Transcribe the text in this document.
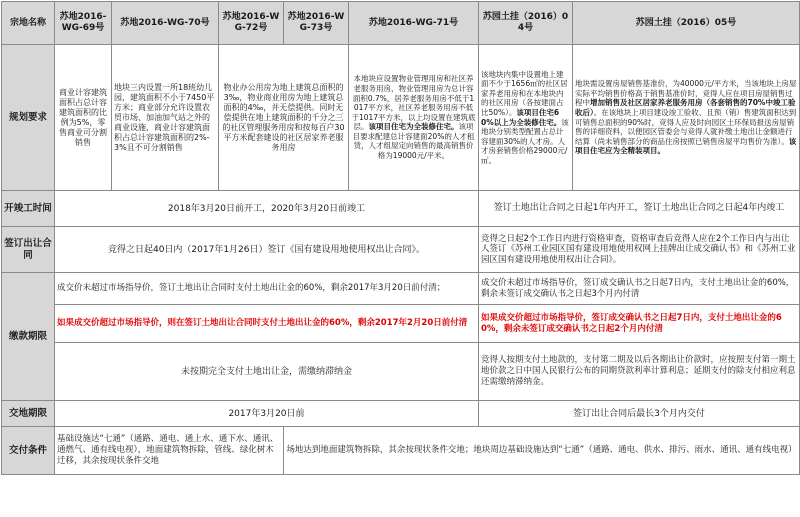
宗地名称	苏地2016-WG-69号	苏地2016-WG-70号	苏地2016-WG-72号	苏地2016-WG-73号	苏地2016-WG-71号	苏园土挂（2016）04号	苏园土挂（2016）05号
规划要求	商业计容建筑面积占总计容建筑面积的比例为5%，零售商业可分割销售	地块三内设置一所18班幼儿园，建筑面积不小于7450平方米；商业部分允许设置农贸市场、加油加气站之外的商业设施，商业计容建筑面积占总计容建筑面积的2%-3%且不可分割销售	物业办公用房为地上建筑总面积的3‰，物业商业用房为地上建筑总面积的4‰，并无偿提供。同时无偿提供在地上建筑面积的千分之三的社区管理服务用房和按每百户30平方米配套建设的社区居家养老服务用房		本地块应设置物业管理用房和社区养老服务用房，物业管理用房为总计容面积0.7%，居养老服务用房不低于1017平方米，社区养老服务用房不低于1017平方米，以上均设置在建筑底层。该项目住宅为全装修住宅。该项目要求配建总计容建面20%的人才租赁，人才组屋定向销售的最高销售价格为19000元/平米。	该地块内集中设置地上建面不少于1656㎡的社区居家养老用房和在本地块内的社区用房（各按建面占比50%）。该项目住宅60%以上为全装修住宅。该地块分别类型配置占总计容建面30%的人才房。人才房套销售价格29000元/㎡。	地块需设置房屋销售基准价，为40000元/平方米，当该地块上房屋实际平均销售价格高于销售基准价时，竞得人应在项目房屋销售过程中增加销售及社区居家养老服务用房（各套销售的70%中竣工验收后）。在该地块上项目建设竣工验收、且预（销）售建筑面积达到可销售总面积的90%时，竞得人应及时向园区土环保局报送房屋销售的详细资料，以便园区管委会与竞得人就补缴土地出让金额进行结算（尚未销售部分的商品住房按照已销售房屋平均售价为准）。该项目住宅应为全精装项目。
开竣工时间	2018年3月20日前开工，2020年3月20日前竣工					签订土地出让合同之日起1年内开工，签订土地出让合同之日起4年内竣工	
签订出让合同	竞得之日起40日内（2017年1月26日）签订《国有建设用地使用权出让合同》。					竞得之日起2个工作日内进行资格审查，资格审查后竞得人应在2个工作日内与出让人签订《苏州工业园区国有建设用地使用权网上挂牌出让成交确认书》和《苏州工业园区国有建设用地使用权出让合同》。	
缴款期限	成交价未超过市场指导价，签订土地出让合同时支付土地出让金的60%，剩余2017年3月20日前付清；					成交价未超过市场指导价，签订成交确认书之日起7日内，支付土地出让金的60%，剩余未签订成交确认书之日起3个月内付清	
	如果成交价超过市场指导价，则在签订土地出让合同时支付土地出让金的60%，剩余2017年2月20日前付清					如果成交价超过市场指导价，签订成交确认书之日起7日内，支付土地出让金的60%，剩余未签订成交确认书之日起2个月内付清	
	未按期完全支付土地出让金，需缴纳滞纳金					竞得人按期支付土地款的，支付第二期及以后各期出让价款时，应按照支付第一期土地价款之日中国人民银行公布的同期贷款利率计算利息；延期支付的除支付相应利息还需缴纳滞纳金。	
交地期限	2017年3月20日前					签订出让合同后最长3个月内交付	
交付条件	基础设施达“七通”（通路、通电、通上水、通下水、通讯、通燃气、通有线电视），地面建筑物拆除，管线、绿化树木迁移，其余按现状条件交地			场地达到地面建筑物拆除，其余按现状条件交地；地块周边基础设施达到“七通”（通路、通电、供水、排污、雨水、通讯、通有线电视）			
